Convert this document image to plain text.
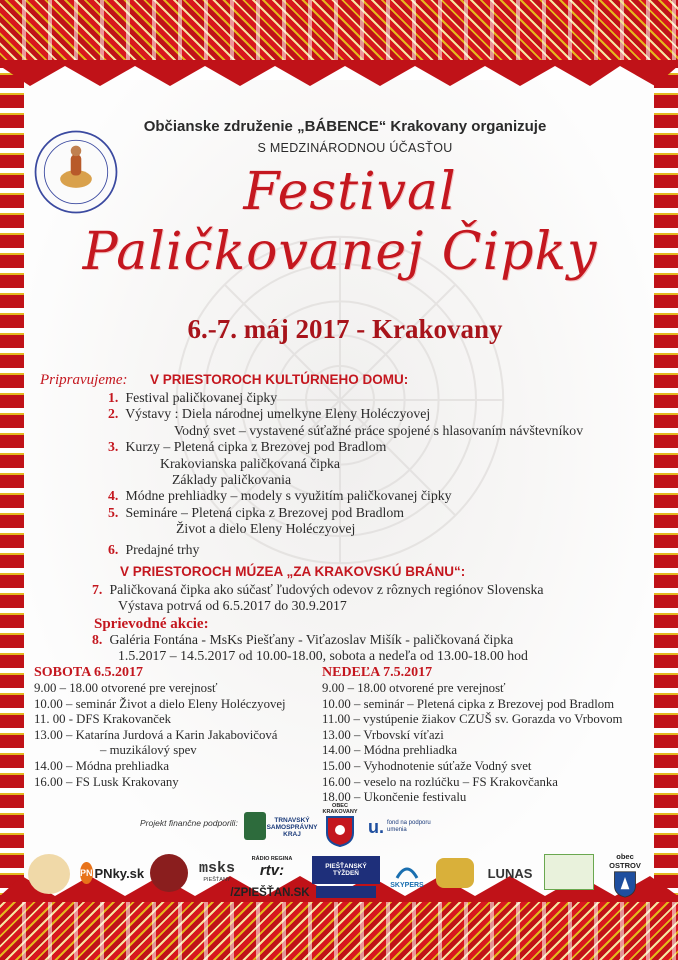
Občianske združenie „BÁBENCE“ Krakovany organizuje
S MEDZINÁRODNOU ÚČASŤOU
Festival
Paličkovanej Čipky
6.-7. máj 2017 - Krakovany
Pripravujeme: V PRIESTOROCH KULTÚRNEHO DOMU:
1. Festival paličkovanej čipky
2. Výstavy : Diela národnej umelkyne Eleny Holéczyovej
Vodný svet – vystavené súťažné práce spojené s hlasovaním návštevníkov
3. Kurzy – Pletená cipka z Brezovej pod Bradlom
Krakovianska paličkovaná čipka
Základy paličkovania
4. Módne prehliadky – modely s využitím paličkovanej čipky
5. Semináre – Pletená cipka z Brezovej pod Bradlom
Život a dielo Eleny Holéczyovej
6. Predajné trhy
V PRIESTOROCH MÚZEA „ZA KRAKOVSKÚ BRÁNU“:
7. Paličkovaná čipka ako súčasť ľudových odevov z rôznych regiónov Slovenska
Výstava potrvá od 6.5.2017 do 30.9.2017
Sprievodné akcie:
8. Galéria Fontána - MsKs Piešťany - Viťazoslav Mišík - paličkovaná čipka
1.5.2017 – 14.5.2017 od 10.00-18.00, sobota a nedeľa od 13.00-18.00 hod
SOBOTA 6.5.2017
9.00 – 18.00 otvorené pre verejnosť
10.00 – seminár Život a dielo Eleny Holéczyovej
11. 00 - DFS Krakovanček
13.00 – Katarína Jurdová a Karin Jakabovičová
– muzikálový spev
14.00 – Módna prehliadka
16.00 – FS Lusk Krakovany
NEDEĽA 7.5.2017
9.00 – 18.00 otvorené pre verejnosť
10.00 – seminár – Pletená cipka z Brezovej pod Bradlom
11.00 – vystúpenie žiakov CZUŠ sv. Gorazda vo Vrbovom
13.00 – Vrbovskí víťazi
14.00 – Módna prehliadka
15.00 – Vyhodnotenie súťaže Vodný svet
16.00 – veselo na rozlúčku – FS Krakovčanka
18.00 – Ukončenie festivalu
Projekt finančne podporili:	TRNAVSKÝ SAMOSPRÁVNY KRAJ
OBEC KRAKOVANY
u. fond na podporu umenia
PN PNky.sk	msks
PIEŠŤANY
RÁDIO REGINA
rtv:
/ZPIEŠŤAN.SK
PIEŠŤANSKÝ TÝŽDEŇ
SKYPERS
LUNAS
obec OSTROV
